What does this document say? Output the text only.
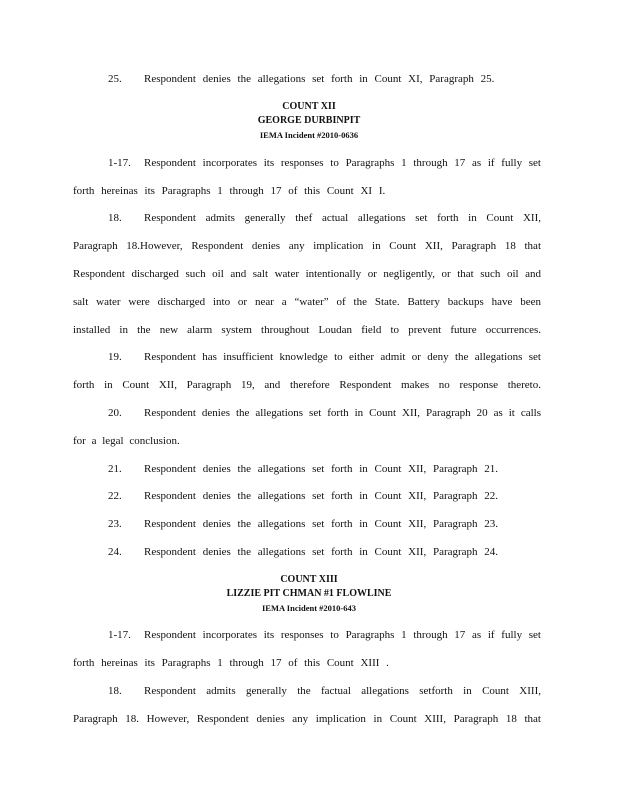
25. Respondent denies the allegations set forth in Count XI, Paragraph 25.
COUNT XII
GEORGE DURBINPIT
IEMA Incident #2010-0636
1-17. Respondent incorporates its responses to Paragraphs 1 through 17 as if fully set
forth hereinas its Paragraphs 1 through 17 of this Count XI I.
18. Respondent admits generally thef actual allegations set forth in Count XII,
Paragraph 18.However, Respondent denies any implication in Count XII, Paragraph 18 that
Respondent discharged such oil and salt water intentionally or negligently, or that such oil and
salt water were discharged into or near a “water” of the State. Battery backups have been
installed in the new alarm system throughout Loudan field to prevent future occurrences.
19. Respondent has insufficient knowledge to either admit or deny the allegations set
forth in Count XII, Paragraph 19, and therefore Respondent makes no response thereto.
20. Respondent denies the allegations set forth in Count XII, Paragraph 20 as it calls
for a legal conclusion.
21. Respondent denies the allegations set forth in Count XII, Paragraph 21.
22. Respondent denies the allegations set forth in Count XII, Paragraph 22.
23. Respondent denies the allegations set forth in Count XII, Paragraph 23.
24. Respondent denies the allegations set forth in Count XII, Paragraph 24.
COUNT XIII
LIZZIE PIT CHMAN #1 FLOWLINE
IEMA Incident #2010-643
1-17. Respondent incorporates its responses to Paragraphs 1 through 17 as if fully set
forth hereinas its Paragraphs 1 through 17 of this Count XIII .
18. Respondent admits generally the factual allegations setforth in Count XIII,
Paragraph 18. However, Respondent denies any implication in Count XIII, Paragraph 18 that
